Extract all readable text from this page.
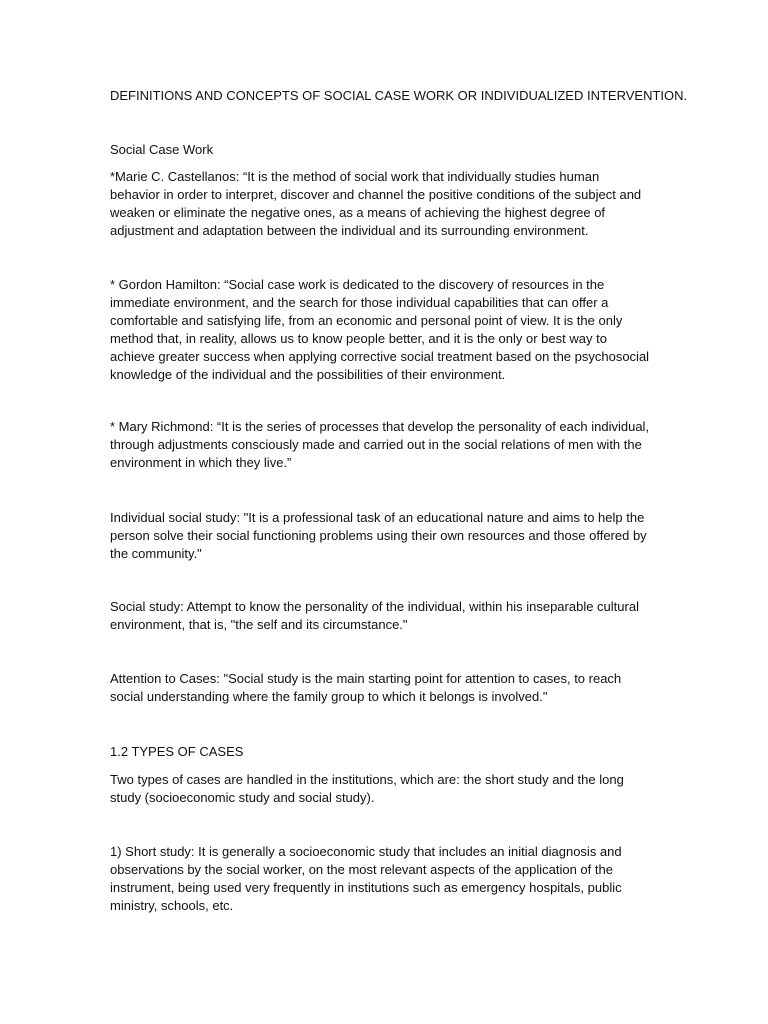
DEFINITIONS AND CONCEPTS OF SOCIAL CASE WORK OR INDIVIDUALIZED INTERVENTION.

Social Case Work

*Marie C. Castellanos: “It is the method of social work that individually studies human
behavior in order to interpret, discover and channel the positive conditions of the subject and
weaken or eliminate the negative ones, as a means of achieving the highest degree of
adjustment and adaptation between the individual and its surrounding environment.

* Gordon Hamilton: “Social case work is dedicated to the discovery of resources in the
immediate environment, and the search for those individual capabilities that can offer a
comfortable and satisfying life, from an economic and personal point of view. It is the only
method that, in reality, allows us to know people better, and it is the only or best way to
achieve greater success when applying corrective social treatment based on the psychosocial
knowledge of the individual and the possibilities of their environment.

* Mary Richmond: “It is the series of processes that develop the personality of each individual,
through adjustments consciously made and carried out in the social relations of men with the
environment in which they live.”

Individual social study: "It is a professional task of an educational nature and aims to help the
person solve their social functioning problems using their own resources and those offered by
the community."

Social study: Attempt to know the personality of the individual, within his inseparable cultural
environment, that is, "the self and its circumstance."

Attention to Cases: "Social study is the main starting point for attention to cases, to reach
social understanding where the family group to which it belongs is involved."

1.2 TYPES OF CASES

Two types of cases are handled in the institutions, which are: the short study and the long
study (socioeconomic study and social study).

1) Short study: It is generally a socioeconomic study that includes an initial diagnosis and
observations by the social worker, on the most relevant aspects of the application of the
instrument, being used very frequently in institutions such as emergency hospitals, public
ministry, schools, etc.
